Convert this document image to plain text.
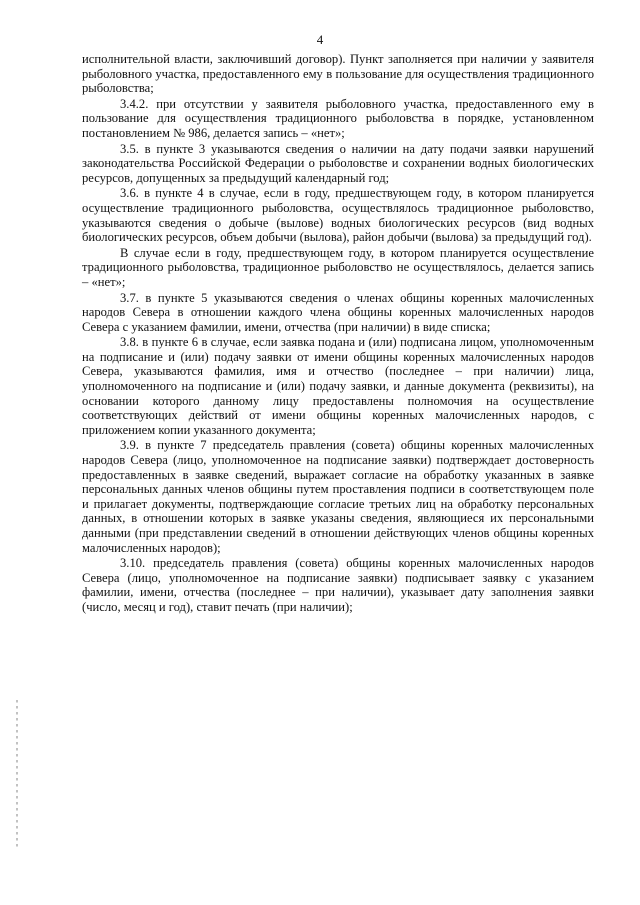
4

исполнительной власти, заключивший договор). Пункт заполняется при наличии у заявителя рыболовного участка, предоставленного ему в пользование для осуществления традиционного рыболовства;

3.4.2. при отсутствии у заявителя рыболовного участка, предоставленного ему в пользование для осуществления традиционного рыболовства в порядке, установленном постановлением № 986, делается запись – «нет»;

3.5. в пункте 3 указываются сведения о наличии на дату подачи заявки нарушений законодательства Российской Федерации о рыболовстве и сохранении водных биологических ресурсов, допущенных за предыдущий календарный год;

3.6. в пункте 4 в случае, если в году, предшествующем году, в котором планируется осуществление традиционного рыболовства, осуществлялось традиционное рыболовство, указываются сведения о добыче (вылове) водных биологических ресурсов (вид водных биологических ресурсов, объем добычи (вылова), район добычи (вылова) за предыдущий год).

В случае если в году, предшествующем году, в котором планируется осуществление традиционного рыболовства, традиционное рыболовство не осуществлялось, делается запись – «нет»;

3.7. в пункте 5 указываются сведения о членах общины коренных малочисленных народов Севера в отношении каждого члена общины коренных малочисленных народов Севера с указанием фамилии, имени, отчества (при наличии) в виде списка;

3.8. в пункте 6 в случае, если заявка подана и (или) подписана лицом, уполномоченным на подписание и (или) подачу заявки от имени общины коренных малочисленных народов Севера, указываются фамилия, имя и отчество (последнее – при наличии) лица, уполномоченного на подписание и (или) подачу заявки, и данные документа (реквизиты), на основании которого данному лицу предоставлены полномочия на осуществление соответствующих действий от имени общины коренных малочисленных народов, с приложением копии указанного документа;

3.9. в пункте 7 председатель правления (совета) общины коренных малочисленных народов Севера (лицо, уполномоченное на подписание заявки) подтверждает достоверность предоставленных в заявке сведений, выражает согласие на обработку указанных в заявке персональных данных членов общины путем проставления подписи в соответствующем поле и прилагает документы, подтверждающие согласие третьих лиц на обработку персональных данных, в отношении которых в заявке указаны сведения, являющиеся их персональными данными (при представлении сведений в отношении действующих членов общины коренных малочисленных народов);

3.10. председатель правления (совета) общины коренных малочисленных народов Севера (лицо, уполномоченное на подписание заявки) подписывает заявку с указанием фамилии, имени, отчества (последнее – при наличии), указывает дату заполнения заявки (число, месяц и год), ставит печать (при наличии);
